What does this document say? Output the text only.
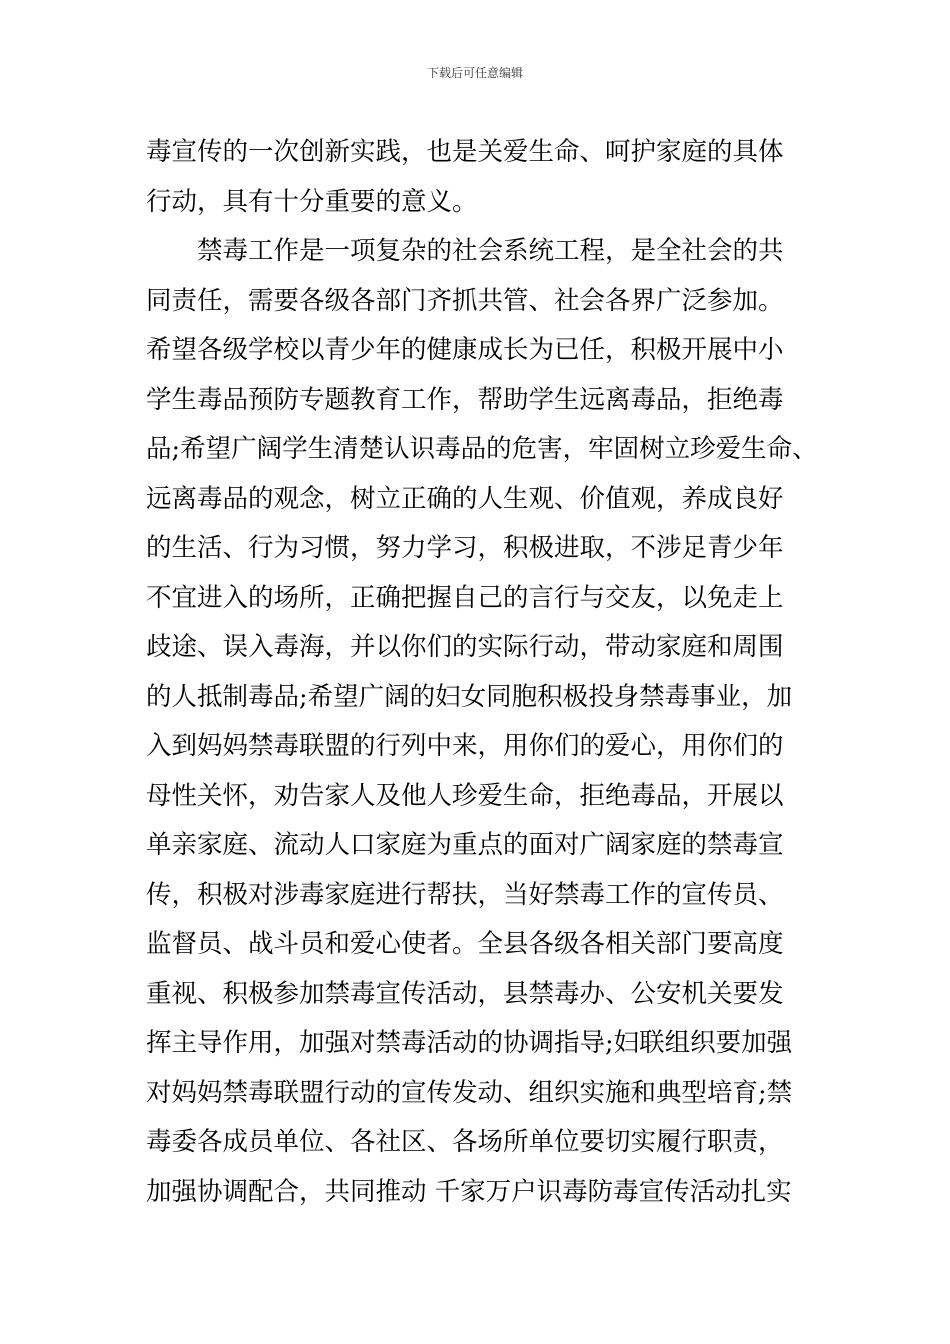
下载后可任意编辑
毒宣传的一次创新实践，也是关爱生命、呵护家庭的具体
行动，具有十分重要的意义。
禁毒工作是一项复杂的社会系统工程，是全社会的共
同责任，需要各级各部门齐抓共管、社会各界广泛参加。
希望各级学校以青少年的健康成长为已任，积极开展中小
学生毒品预防专题教育工作，帮助学生远离毒品，拒绝毒
品;希望广阔学生清楚认识毒品的危害，牢固树立珍爱生命、
远离毒品的观念，树立正确的人生观、价值观，养成良好
的生活、行为习惯，努力学习，积极进取，不涉足青少年
不宜进入的场所，正确把握自己的言行与交友，以免走上
歧途、误入毒海，并以你们的实际行动，带动家庭和周围
的人抵制毒品;希望广阔的妇女同胞积极投身禁毒事业，加
入到妈妈禁毒联盟的行列中来，用你们的爱心，用你们的
母性关怀，劝告家人及他人珍爱生命，拒绝毒品，开展以
单亲家庭、流动人口家庭为重点的面对广阔家庭的禁毒宣
传，积极对涉毒家庭进行帮扶，当好禁毒工作的宣传员、
监督员、战斗员和爱心使者。全县各级各相关部门要高度
重视、积极参加禁毒宣传活动，县禁毒办、公安机关要发
挥主导作用，加强对禁毒活动的协调指导;妇联组织要加强
对妈妈禁毒联盟行动的宣传发动、组织实施和典型培育;禁
毒委各成员单位、各社区、各场所单位要切实履行职责，
加强协调配合，共同推动 千家万户识毒防毒宣传活动扎实
